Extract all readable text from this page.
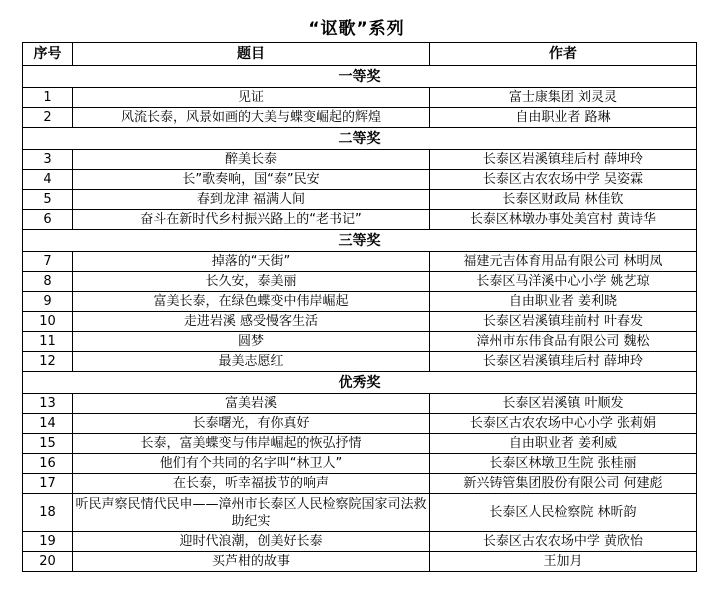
“讴歌”系列
序号	题目	作者
一等奖		
1	见证	富士康集团 刘灵灵
2	风流长泰，风景如画的大美与蝶变崛起的辉煌	自由职业者 路琳
二等奖		
3	醉美长泰	长泰区岩溪镇珪后村 薛坤玲
4	长”歌奏响，国“泰”民安	长泰区古农农场中学 吴姿霖
5	春到龙津 福满人间	长泰区财政局 林佳钦
6	奋斗在新时代乡村振兴路上的“老书记”	长泰区林墩办事处美宫村 黄诗华
三等奖		
7	掉落的“天街”	福建元吉体育用品有限公司 林明凤
8	长久安，泰美丽	长泰区马洋溪中心小学 姚艺琼
9	富美长泰，在绿色蝶变中伟岸崛起	自由职业者 姜利晓
10	走进岩溪 感受慢客生活	长泰区岩溪镇珪前村 叶春发
11	圆梦	漳州市东伟食品有限公司 魏松
12	最美志愿红	长泰区岩溪镇珪后村 薛坤玲
优秀奖		
13	富美岩溪	长泰区岩溪镇 叶顺发
14	长泰曙光，有你真好	长泰区古农农场中心小学 张莉娟
15	长泰，富美蝶变与伟岸崛起的恢弘抒情	自由职业者 姜利威
16	他们有个共同的名字叫“林卫人”	长泰区林墩卫生院 张桂丽
17	在长泰，听幸福拔节的响声	新兴铸管集团股份有限公司 何建彪
18	听民声察民情代民申——漳州市长泰区人民检察院国家司法救助纪实	长泰区人民检察院 林昕韵
19	迎时代浪潮，创美好长泰	长泰区古农农场中学 黄欣怡
20	买芦柑的故事	王加月
